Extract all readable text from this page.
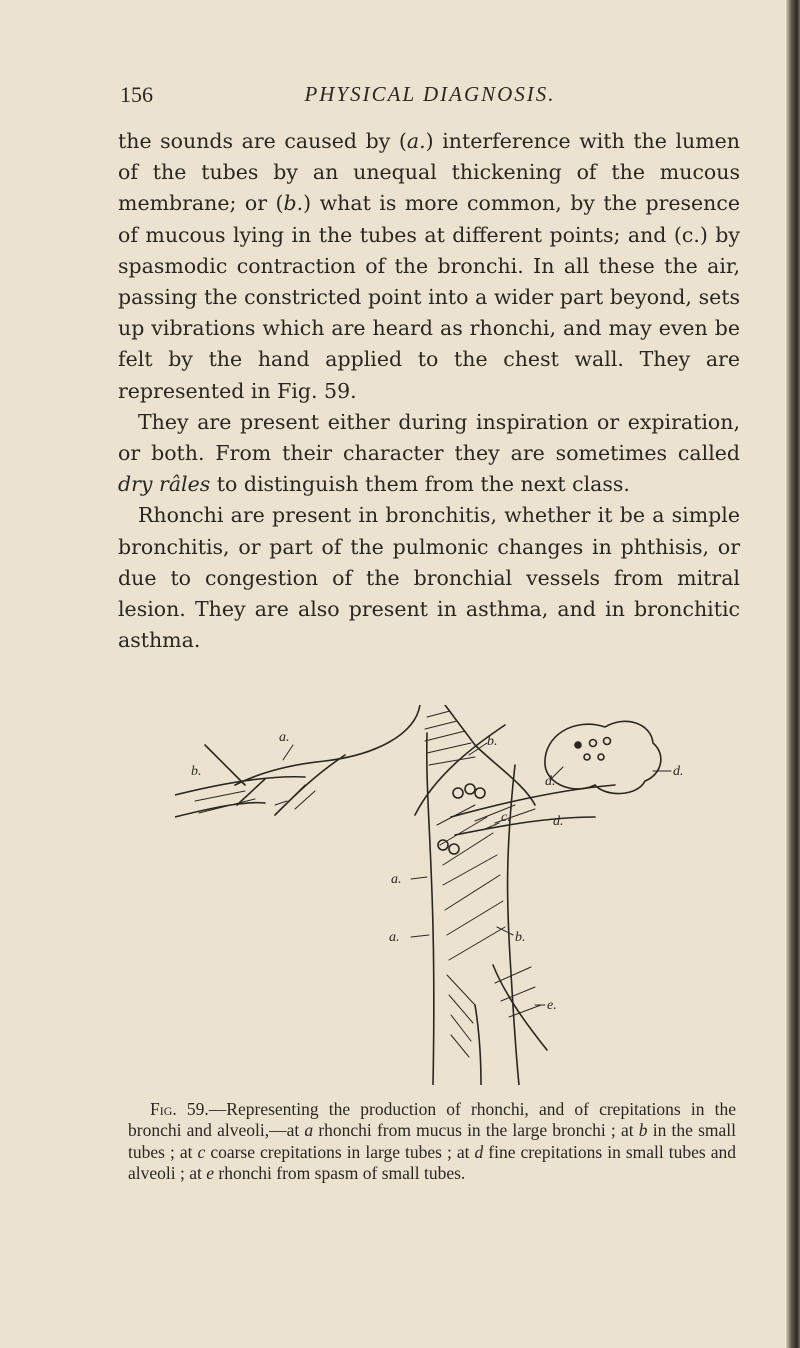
156	PHYSICAL DIAGNOSIS.

the sounds are caused by (a.) interference with the lumen of the tubes by an unequal thickening of the mucous membrane; or (b.) what is more common, by the presence of mucous lying in the tubes at different points; and (c.) by spasmodic contraction of the bronchi. In all these the air, passing the constricted point into a wider part beyond, sets up vibrations which are heard as rhonchi, and may even be felt by the hand applied to the chest wall. They are represented in Fig. 59.

They are present either during inspiration or expiration, or both. From their character they are sometimes called dry râles to distinguish them from the next class.

Rhonchi are present in bronchitis, whether it be a simple bronchitis, or part of the pulmonic changes in phthisis, or due to congestion of the bronchial vessels from mitral lesion. They are also present in asthma, and in bronchitic asthma.

b.
a.	b.
d.
d.
d.
c.
a.
a.	b.
e.

Fig. 59.—Representing the production of rhonchi, and of crepitations in the bronchi and alveoli,—at a rhonchi from mucus in the large bronchi ; at b in the small tubes ; at c coarse crepitations in large tubes ; at d fine crepitations in small tubes and alveoli ; at e rhonchi from spasm of small tubes.
